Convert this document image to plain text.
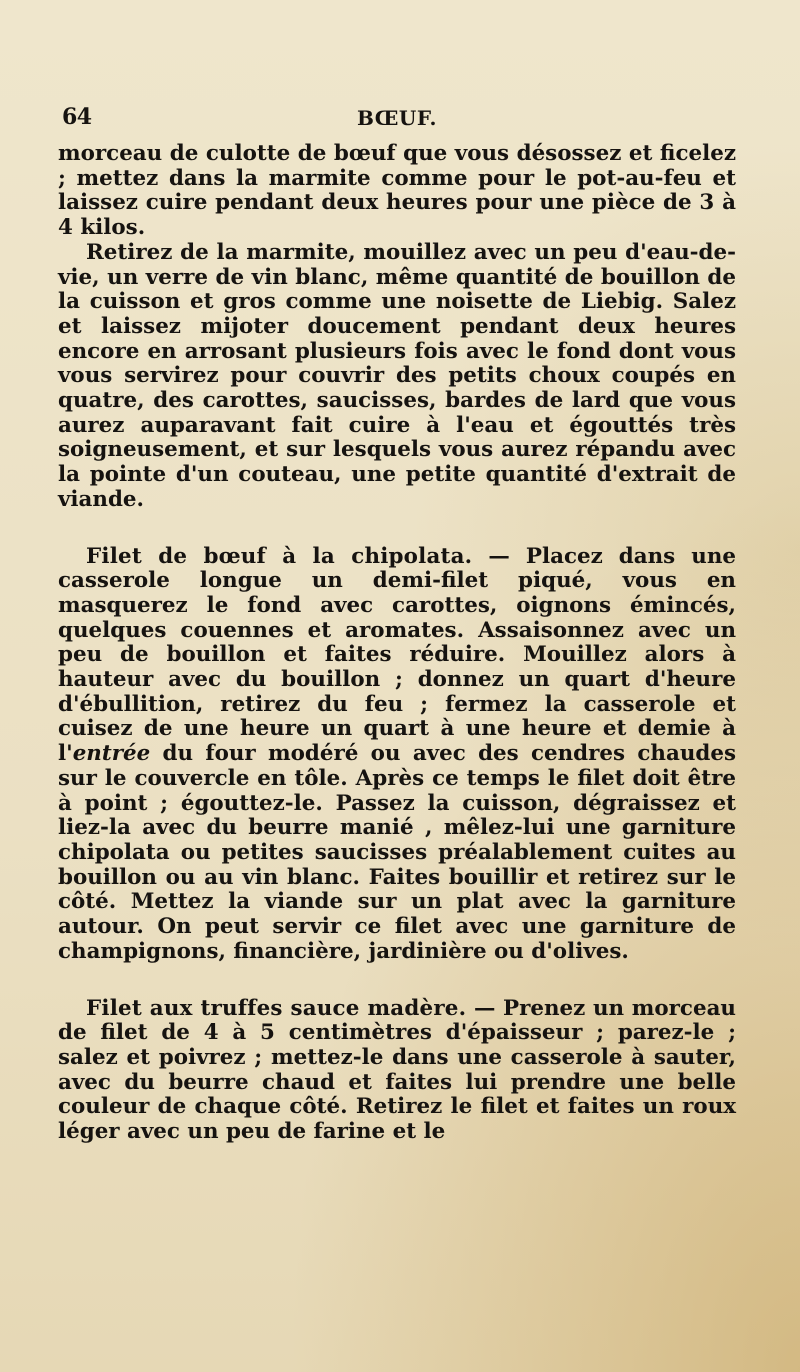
64	BŒUF.

morceau de culotte de bœuf que vous désossez et ficelez ; mettez dans la marmite comme pour le pot-au-feu et laissez cuire pendant deux heures pour une pièce de 3 à 4 kilos.

Retirez de la marmite, mouillez avec un peu d'eau-de-vie, un verre de vin blanc, même quantité de bouillon de la cuisson et gros comme une noisette de Liebig. Salez et laissez mijoter doucement pendant deux heures encore en arrosant plusieurs fois avec le fond dont vous vous servirez pour couvrir des petits choux coupés en quatre, des carottes, saucisses, bardes de lard que vous aurez auparavant fait cuire à l'eau et égouttés très soigneusement, et sur lesquels vous aurez répandu avec la pointe d'un couteau, une petite quantité d'extrait de viande.

Filet de bœuf à la chipolata. — Placez dans une casserole longue un demi-filet piqué, vous en masquerez le fond avec carottes, oignons émincés, quelques couennes et aromates. Assaisonnez avec un peu de bouillon et faites réduire. Mouillez alors à hauteur avec du bouillon ; donnez un quart d'heure d'ébullition, retirez du feu ; fermez la casserole et cuisez de une heure un quart à une heure et demie à l'entrée du four modéré ou avec des cendres chaudes sur le couvercle en tôle. Après ce temps le filet doit être à point ; égouttez-le. Passez la cuisson, dégraissez et liez-la avec du beurre manié , mêlez-lui une garniture chipolata ou petites saucisses préalablement cuites au bouillon ou au vin blanc. Faites bouillir et retirez sur le côté. Mettez la viande sur un plat avec la garniture autour. On peut servir ce filet avec une garniture de champignons, financière, jardinière ou d'olives.

Filet aux truffes sauce madère. — Prenez un morceau de filet de 4 à 5 centimètres d'épaisseur ; parez-le ; salez et poivrez ; mettez-le dans une casserole à sauter, avec du beurre chaud et faites lui prendre une belle couleur de chaque côté. Retirez le filet et faites un roux léger avec un peu de farine et le
